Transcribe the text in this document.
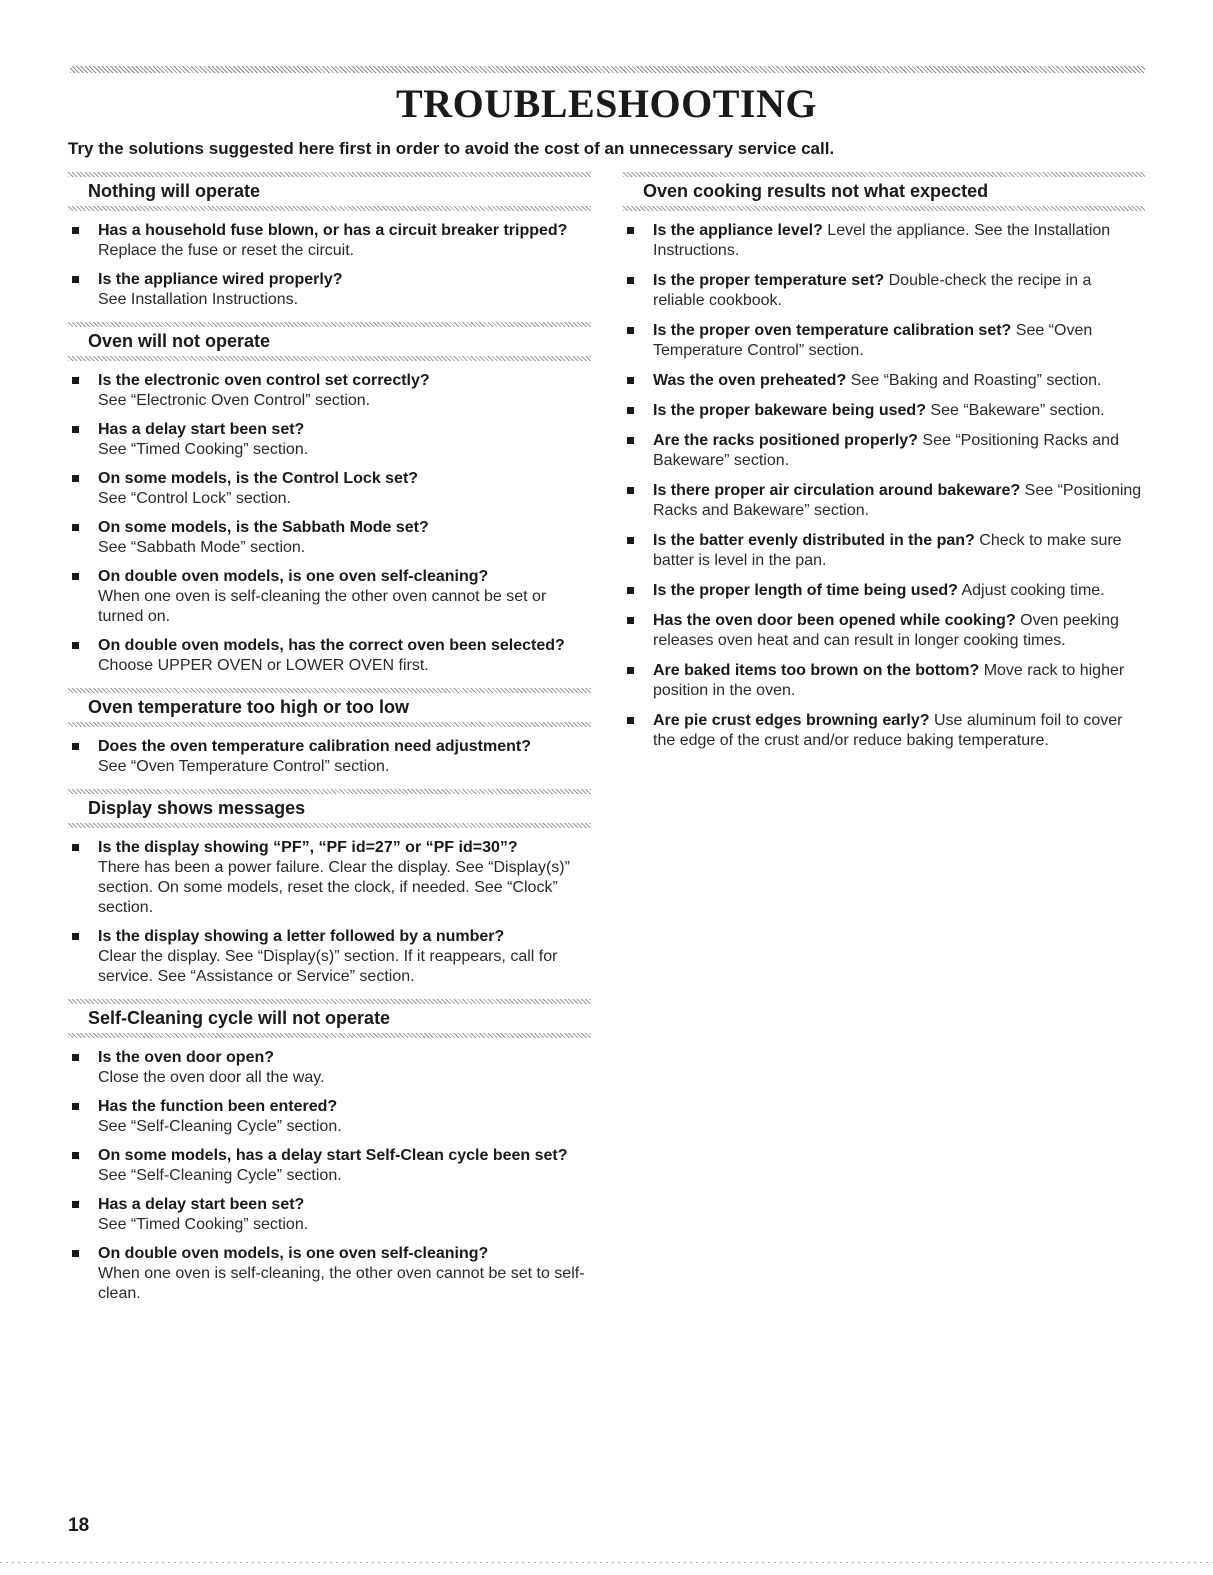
TROUBLESHOOTING

Try the solutions suggested here first in order to avoid the cost of an unnecessary service call.

Nothing will operate
Has a household fuse blown, or has a circuit breaker tripped?
Replace the fuse or reset the circuit.
Is the appliance wired properly?
See Installation Instructions.
Oven will not operate
Is the electronic oven control set correctly?
See “Electronic Oven Control” section.
Has a delay start been set?
See “Timed Cooking” section.
On some models, is the Control Lock set?
See “Control Lock” section.
On some models, is the Sabbath Mode set?
See “Sabbath Mode” section.
On double oven models, is one oven self-cleaning?
When one oven is self-cleaning the other oven cannot be set or turned on.
On double oven models, has the correct oven been selected?
Choose UPPER OVEN or LOWER OVEN first.
Oven temperature too high or too low
Does the oven temperature calibration need adjustment?
See “Oven Temperature Control” section.
Display shows messages
Is the display showing “PF”, “PF id=27” or “PF id=30”?
There has been a power failure. Clear the display. See “Display(s)” section. On some models, reset the clock, if needed. See “Clock” section.
Is the display showing a letter followed by a number?
Clear the display. See “Display(s)” section. If it reappears, call for service. See “Assistance or Service” section.
Self-Cleaning cycle will not operate
Is the oven door open?
Close the oven door all the way.
Has the function been entered?
See “Self-Cleaning Cycle” section.
On some models, has a delay start Self-Clean cycle been set?
See “Self-Cleaning Cycle” section.
Has a delay start been set?
See “Timed Cooking” section.
On double oven models, is one oven self-cleaning?
When one oven is self-cleaning, the other oven cannot be set to self-clean.
Oven cooking results not what expected
Is the appliance level? Level the appliance. See the Installation Instructions.
Is the proper temperature set? Double-check the recipe in a reliable cookbook.
Is the proper oven temperature calibration set? See “Oven Temperature Control” section.
Was the oven preheated? See “Baking and Roasting” section.
Is the proper bakeware being used? See “Bakeware” section.
Are the racks positioned properly? See “Positioning Racks and Bakeware” section.
Is there proper air circulation around bakeware? See “Positioning Racks and Bakeware” section.
Is the batter evenly distributed in the pan? Check to make sure batter is level in the pan.
Is the proper length of time being used? Adjust cooking time.
Has the oven door been opened while cooking? Oven peeking releases oven heat and can result in longer cooking times.
Are baked items too brown on the bottom? Move rack to higher position in the oven.
Are pie crust edges browning early? Use aluminum foil to cover the edge of the crust and/or reduce baking temperature.
18
